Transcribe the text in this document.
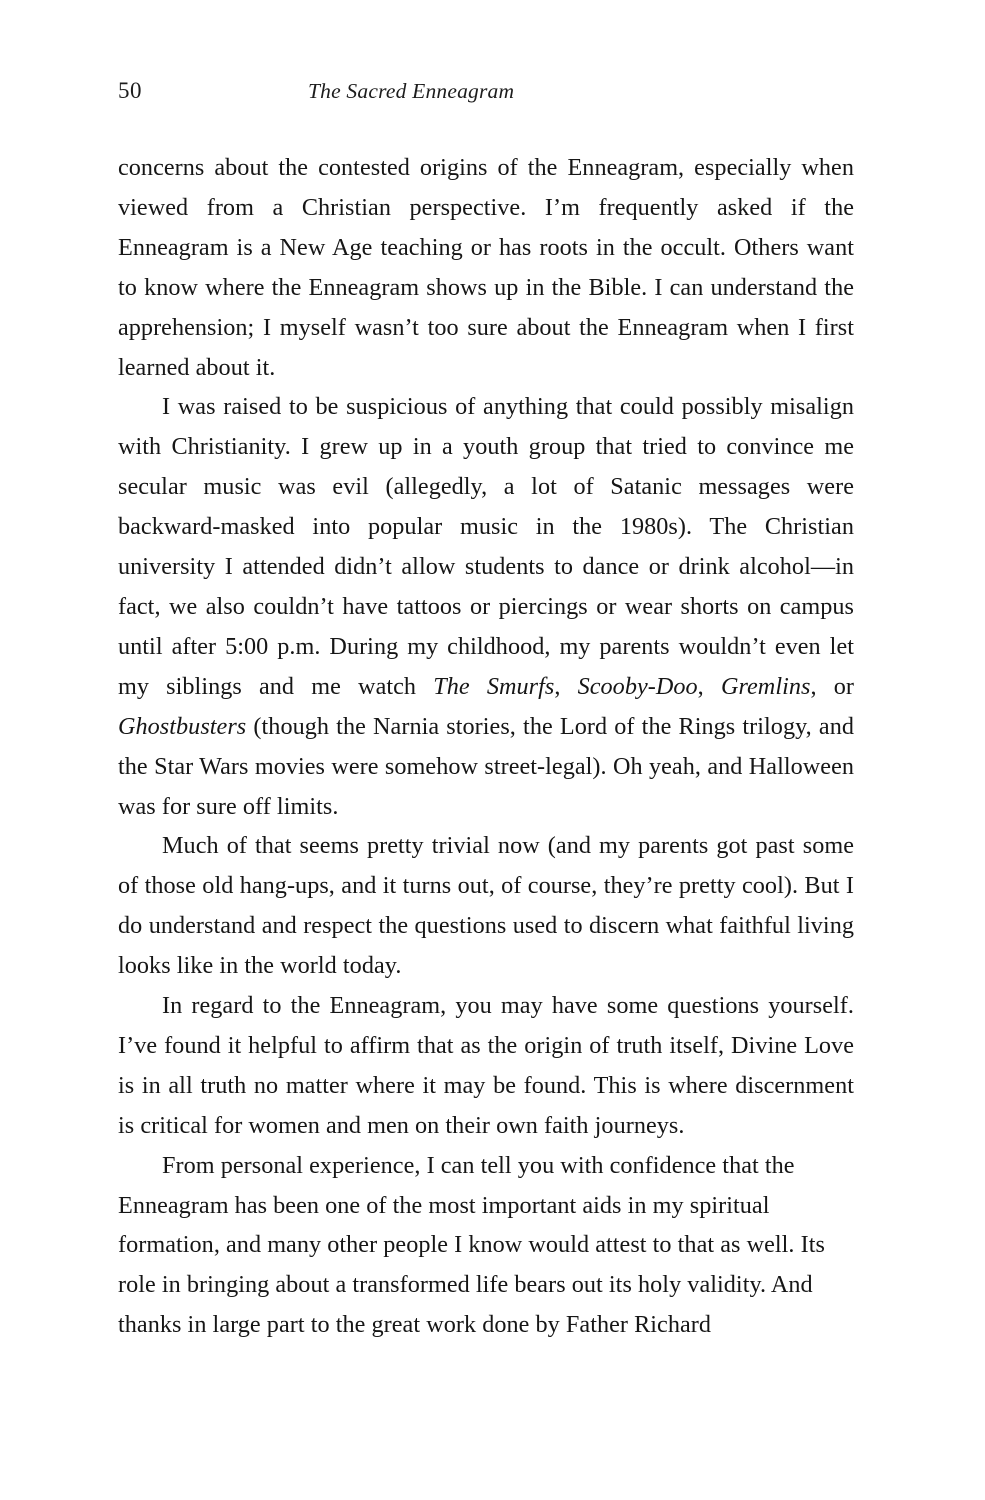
50	The Sacred Enneagram

concerns about the contested origins of the Enneagram, especially when viewed from a Christian perspective. I’m frequently asked if the Enneagram is a New Age teaching or has roots in the occult. Others want to know where the Enneagram shows up in the Bible. I can understand the apprehension; I myself wasn’t too sure about the Enneagram when I first learned about it.

I was raised to be suspicious of anything that could possibly misalign with Christianity. I grew up in a youth group that tried to convince me secular music was evil (allegedly, a lot of Satanic messages were backward-masked into popular music in the 1980s). The Christian university I attended didn’t allow students to dance or drink alcohol—in fact, we also couldn’t have tattoos or piercings or wear shorts on campus until after 5:00 p.m. During my childhood, my parents wouldn’t even let my siblings and me watch The Smurfs, Scooby-Doo, Gremlins, or Ghostbusters (though the Narnia stories, the Lord of the Rings trilogy, and the Star Wars movies were somehow street-legal). Oh yeah, and Halloween was for sure off limits.

Much of that seems pretty trivial now (and my parents got past some of those old hang-ups, and it turns out, of course, they’re pretty cool). But I do understand and respect the questions used to discern what faithful living looks like in the world today.

In regard to the Enneagram, you may have some questions yourself. I’ve found it helpful to affirm that as the origin of truth itself, Divine Love is in all truth no matter where it may be found. This is where discernment is critical for women and men on their own faith journeys.

From personal experience, I can tell you with confidence that the Enneagram has been one of the most important aids in my spiritual formation, and many other people I know would attest to that as well. Its role in bringing about a transformed life bears out its holy validity. And thanks in large part to the great work done by Father Richard
